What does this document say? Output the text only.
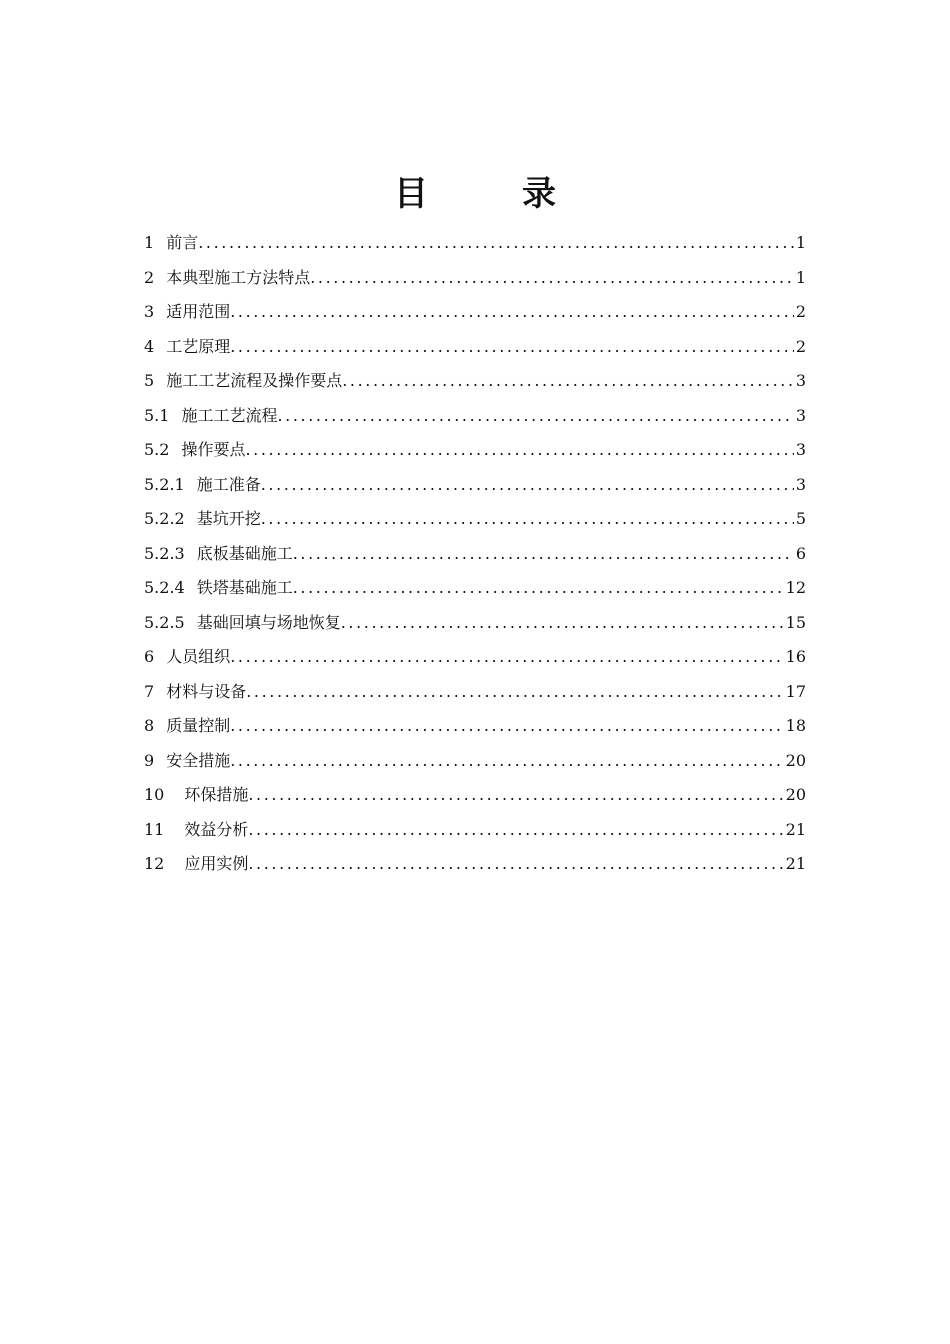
目　录
1 前言 .....	1
2 本典型施工方法特点 .....	1
3 适用范围 .....	2
4 工艺原理 .....	2
5 施工工艺流程及操作要点 .....	3
5.1 施工工艺流程 .....	3
5.2 操作要点 .....	3
5.2.1 施工准备 .....	3
5.2.2 基坑开挖 .....	5
5.2.3 底板基础施工 .....	6
5.2.4 铁塔基础施工 .....	12
5.2.5 基础回填与场地恢复 .....	15
6 人员组织 .....	16
7 材料与设备 .....	17
8 质量控制 .....	18
9 安全措施 .....	20
10	环保措施 .....	20
11	效益分析 .....	21
12	应用实例 .....	21
